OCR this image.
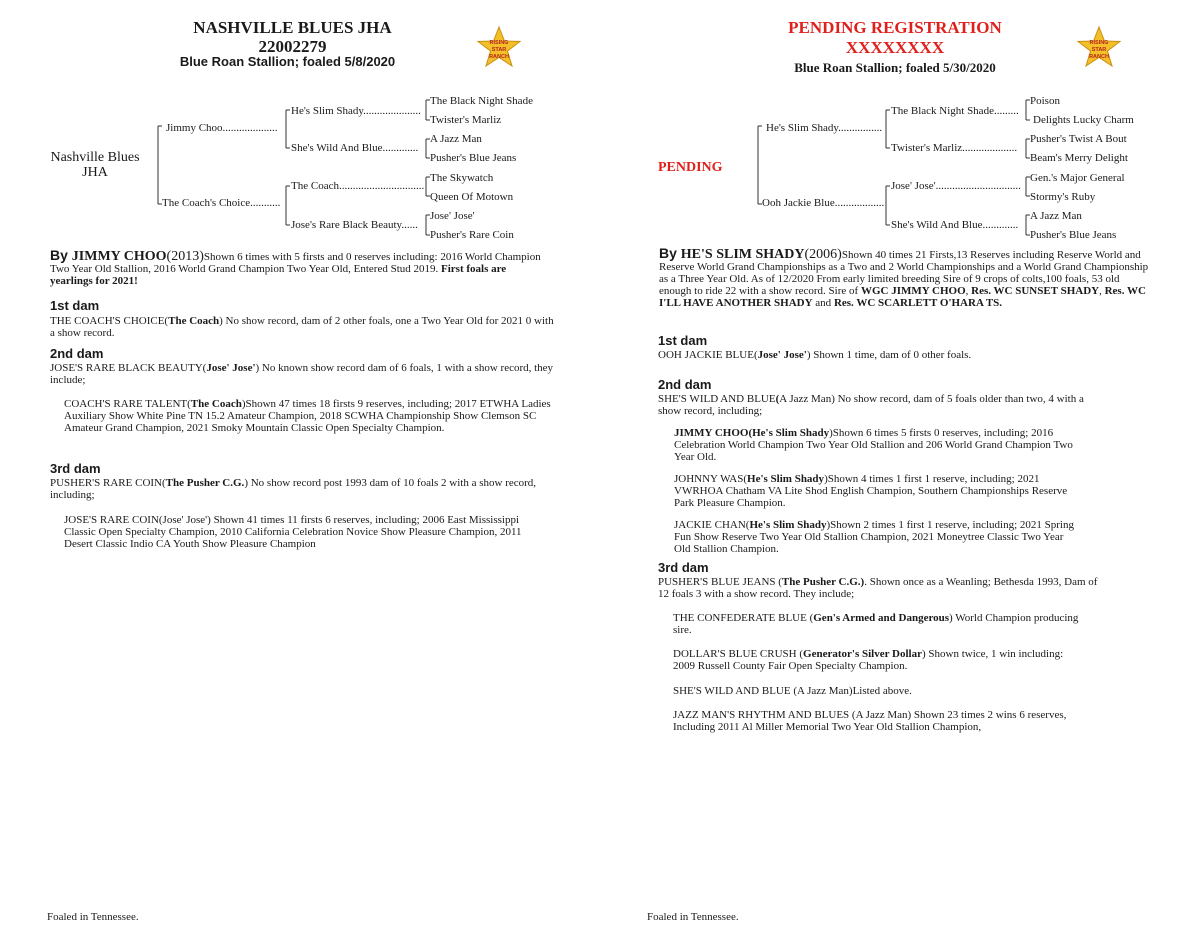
NASHVILLE BLUES JHA
22002279
Blue Roan Stallion; foaled 5/8/2020
RISING
STAR
RANCH
Nashville Blues
JHA
Jimmy Choo....................
The Coach's Choice...........
He's Slim Shady.....................
She's Wild And Blue.............
The Coach...............................
Jose's Rare Black Beauty......
The Black Night Shade
Twister's Marliz
A Jazz Man
Pusher's Blue Jeans
The Skywatch
Queen Of Motown
Jose' Jose'
Pusher's Rare Coin
By JIMMY CHOO(2013)Shown 6 times with 5 firsts and 0 reserves including: 2016 World Champion Two Year Old Stallion, 2016 World Grand Champion Two Year Old, Entered Stud 2019. First foals are yearlings for 2021!
1st dam
THE COACH'S CHOICE(The Coach) No show record, dam of 2 other foals, one a Two Year Old for 2021 0 with a show record.
2nd dam
JOSE'S RARE BLACK BEAUTY(Jose' Jose') No known show record dam of 6 foals, 1 with a show record, they include;
COACH'S RARE TALENT(The Coach)Shown 47 times 18 firsts 9 reserves, including; 2017 ETWHA Ladies Auxiliary Show White Pine TN 15.2 Amateur Champion, 2018 SCWHA Championship Show Clemson SC Amateur Grand Champion, 2021 Smoky Mountain Classic Open Specialty Champion.
3rd dam
PUSHER'S RARE COIN(The Pusher C.G.) No show record post 1993 dam of 10 foals 2 with a show record, including;
JOSE'S RARE COIN(Jose' Jose') Shown 41 times 11 firsts 6 reserves, including; 2006 East Mississippi Classic Open Specialty Champion, 2010 California Celebration Novice Show Pleasure Champion, 2011 Desert Classic Indio CA Youth Show Pleasure Champion
Foaled in Tennessee.
PENDING REGISTRATION
XXXXXXXX
Blue Roan Stallion; foaled 5/30/2020
RISING
STAR
RANCH
PENDING
He's Slim Shady................
Ooh Jackie Blue..................
The Black Night Shade.........
Twister's Marliz....................
Jose' Jose'...............................
She's Wild And Blue.............
Poison
Delights Lucky Charm
Pusher's Twist A Bout
Beam's Merry Delight
Gen.'s Major General
Stormy's Ruby
A Jazz Man
Pusher's Blue Jeans
By HE'S SLIM SHADY(2006)Shown 40 times 21 Firsts,13 Reserves including Reserve World and Reserve World Grand Championships as a Two and 2 World Championships and a World Grand Championship as a Three Year Old. As of 12/2020 From early limited breeding Sire of 9 crops of colts,100 foals, 53 old enough to ride 22 with a show record. Sire of WGC JIMMY CHOO, Res. WC SUNSET SHADY, Res. WC I'LL HAVE ANOTHER SHADY and Res. WC SCARLETT O'HARA TS.
1st dam
OOH JACKIE BLUE(Jose' Jose') Shown 1 time, dam of 0 other foals.
2nd dam
SHE'S WILD AND BLUE(A Jazz Man) No show record, dam of 5 foals older than two, 4 with a show record, including;
JIMMY CHOO(He's Slim Shady)Shown 6 times 5 firsts 0 reserves, including; 2016 Celebration World Champion Two Year Old Stallion and 206 World Grand Champion Two Year Old.
JOHNNY WAS(He's Slim Shady)Shown 4 times 1 first 1 reserve, including; 2021 VWRHOA Chatham VA Lite Shod English Champion, Southern Championships Reserve Park Pleasure Champion.
JACKIE CHAN(He's Slim Shady)Shown 2 times 1 first 1 reserve, including; 2021 Spring Fun Show Reserve Two Year Old Stallion Champion, 2021 Moneytree Classic Two Year Old Stallion Champion.
3rd dam
PUSHER'S BLUE JEANS (The Pusher C.G.). Shown once as a Weanling; Bethesda 1993, Dam of 12 foals 3 with a show record. They include;
THE CONFEDERATE BLUE (Gen's Armed and Dangerous) World Champion producing sire.
DOLLAR'S BLUE CRUSH (Generator's Silver Dollar) Shown twice, 1 win including: 2009 Russell County Fair Open Specialty Champion.
SHE'S WILD AND BLUE (A Jazz Man)Listed above.
JAZZ MAN'S RHYTHM AND BLUES (A Jazz Man) Shown 23 times 2 wins 6 reserves, Including 2011 Al Miller Memorial Two Year Old Stallion Champion,
Foaled in Tennessee.
